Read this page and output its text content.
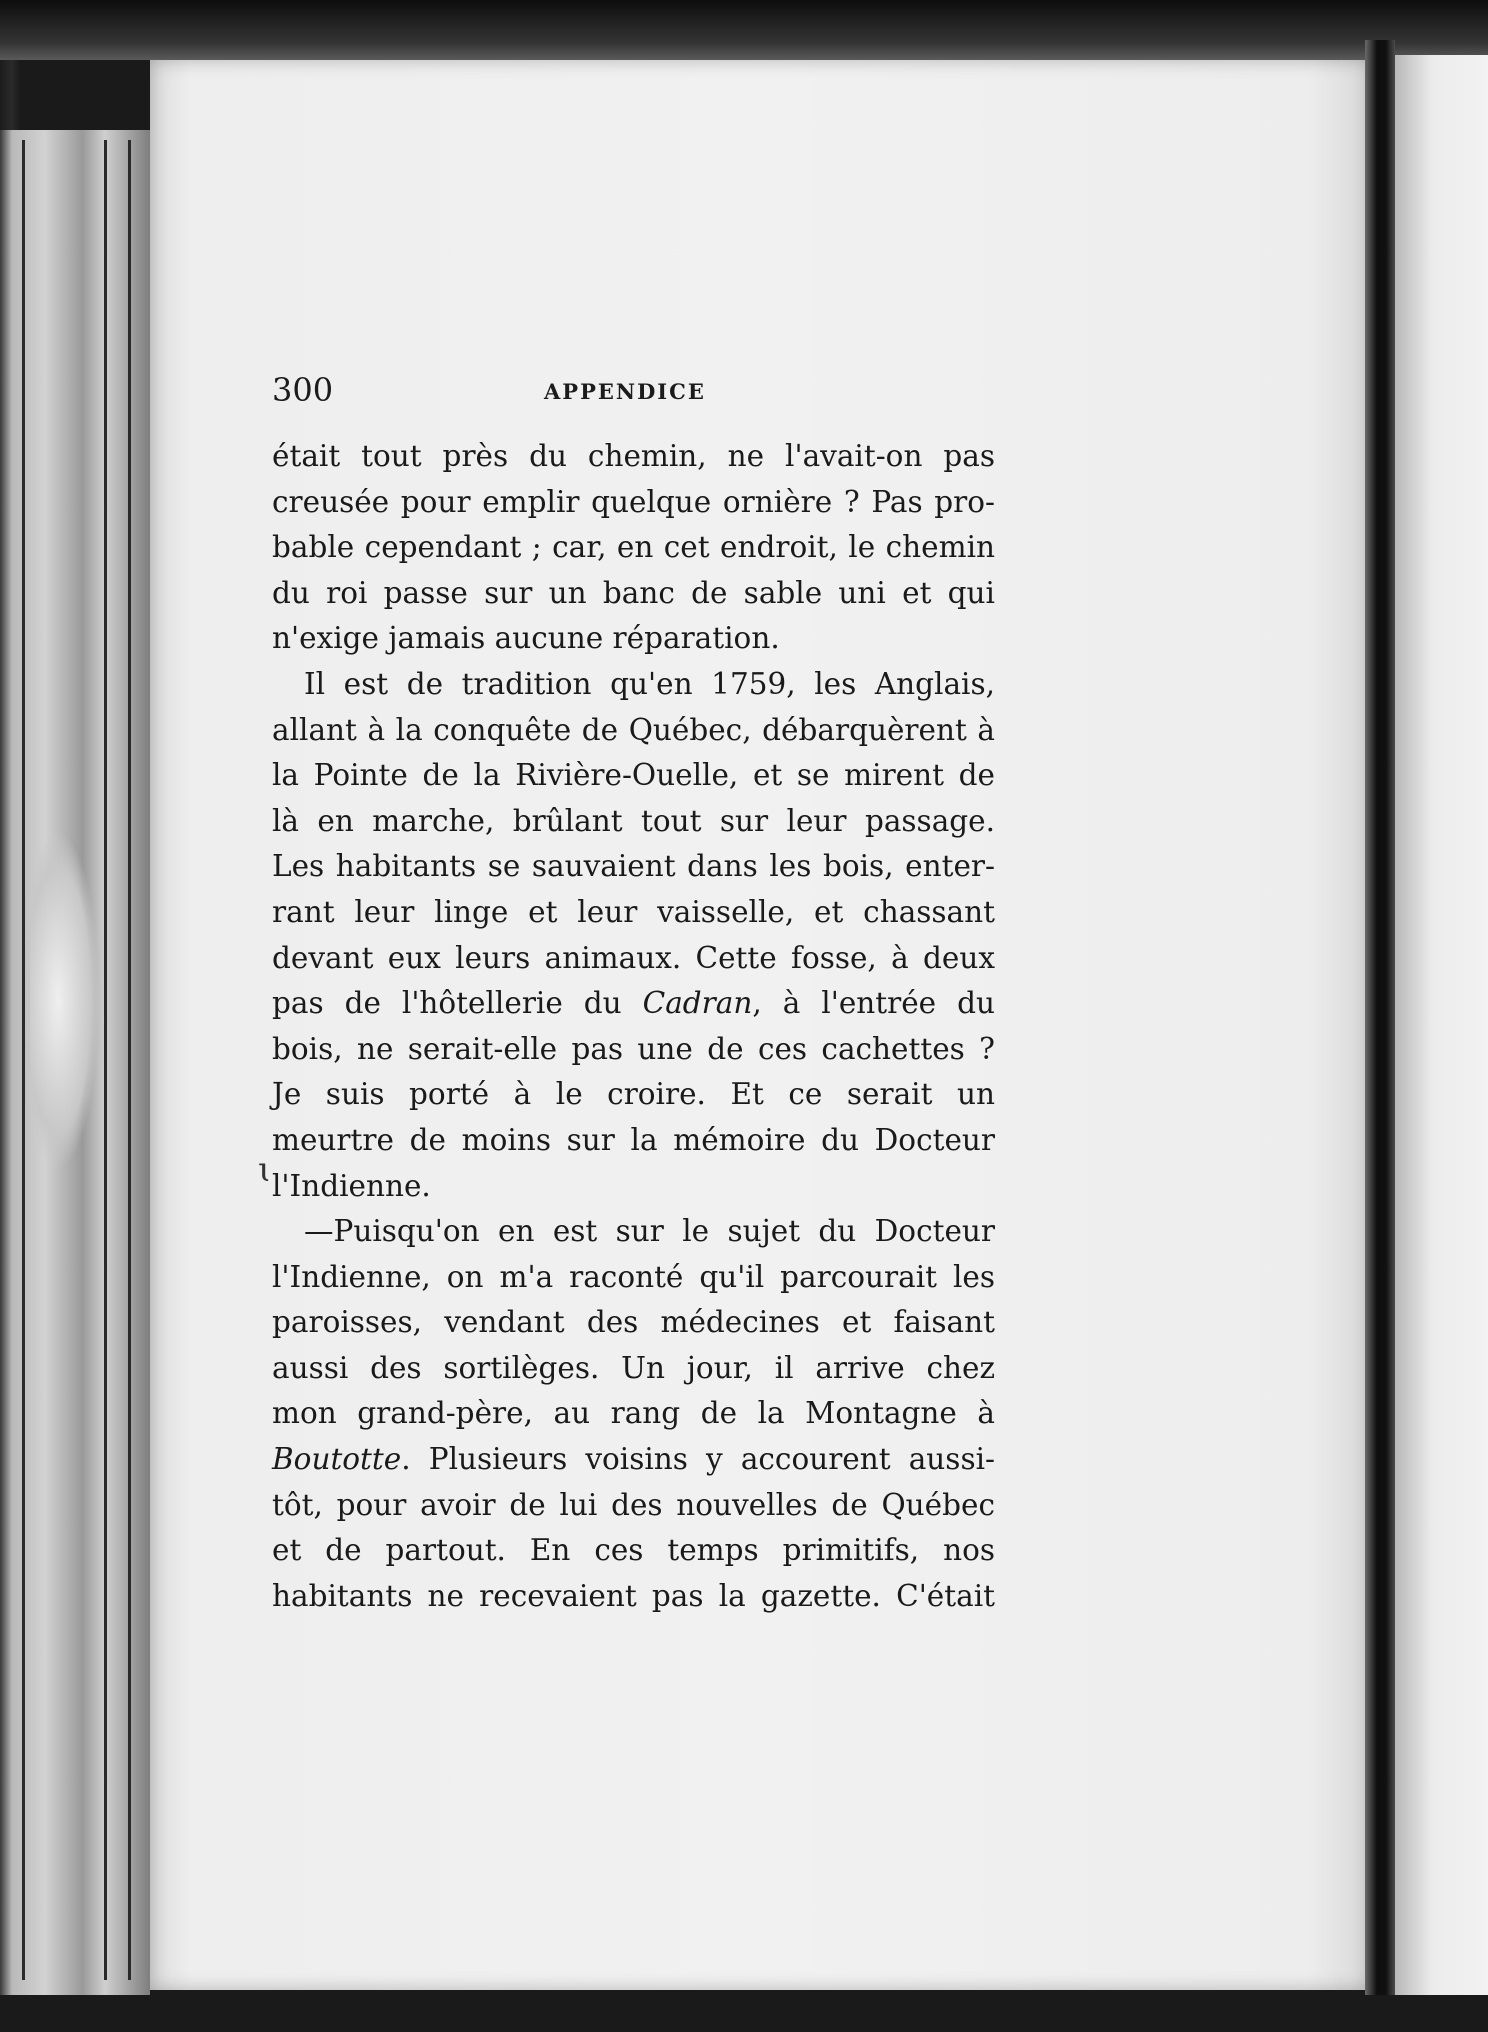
300	APPENDICE
était tout près du chemin, ne l'avait-on pas
creusée pour emplir quelque ornière ? Pas pro-
bable cependant ; car, en cet endroit, le chemin
du roi passe sur un banc de sable uni et qui
n'exige jamais aucune réparation.
Il est de tradition qu'en 1759, les Anglais,
allant à la conquête de Québec, débarquèrent à
la Pointe de la Rivière-Ouelle, et se mirent de
là en marche, brûlant tout sur leur passage.
Les habitants se sauvaient dans les bois, enter-
rant leur linge et leur vaisselle, et chassant
devant eux leurs animaux. Cette fosse, à deux
pas de l'hôtellerie du Cadran, à l'entrée du
bois, ne serait-elle pas une de ces cachettes ?
Je suis porté à le croire. Et ce serait un
meurtre de moins sur la mémoire du Docteur
l'Indienne.
—Puisqu'on en est sur le sujet du Docteur
l'Indienne, on m'a raconté qu'il parcourait les
paroisses, vendant des médecines et faisant
aussi des sortilèges. Un jour, il arrive chez
mon grand-père, au rang de la Montagne à
Boutotte. Plusieurs voisins y accourent aussi-
tôt, pour avoir de lui des nouvelles de Québec
et de partout. En ces temps primitifs, nos
habitants ne recevaient pas la gazette. C'était
ɩ
